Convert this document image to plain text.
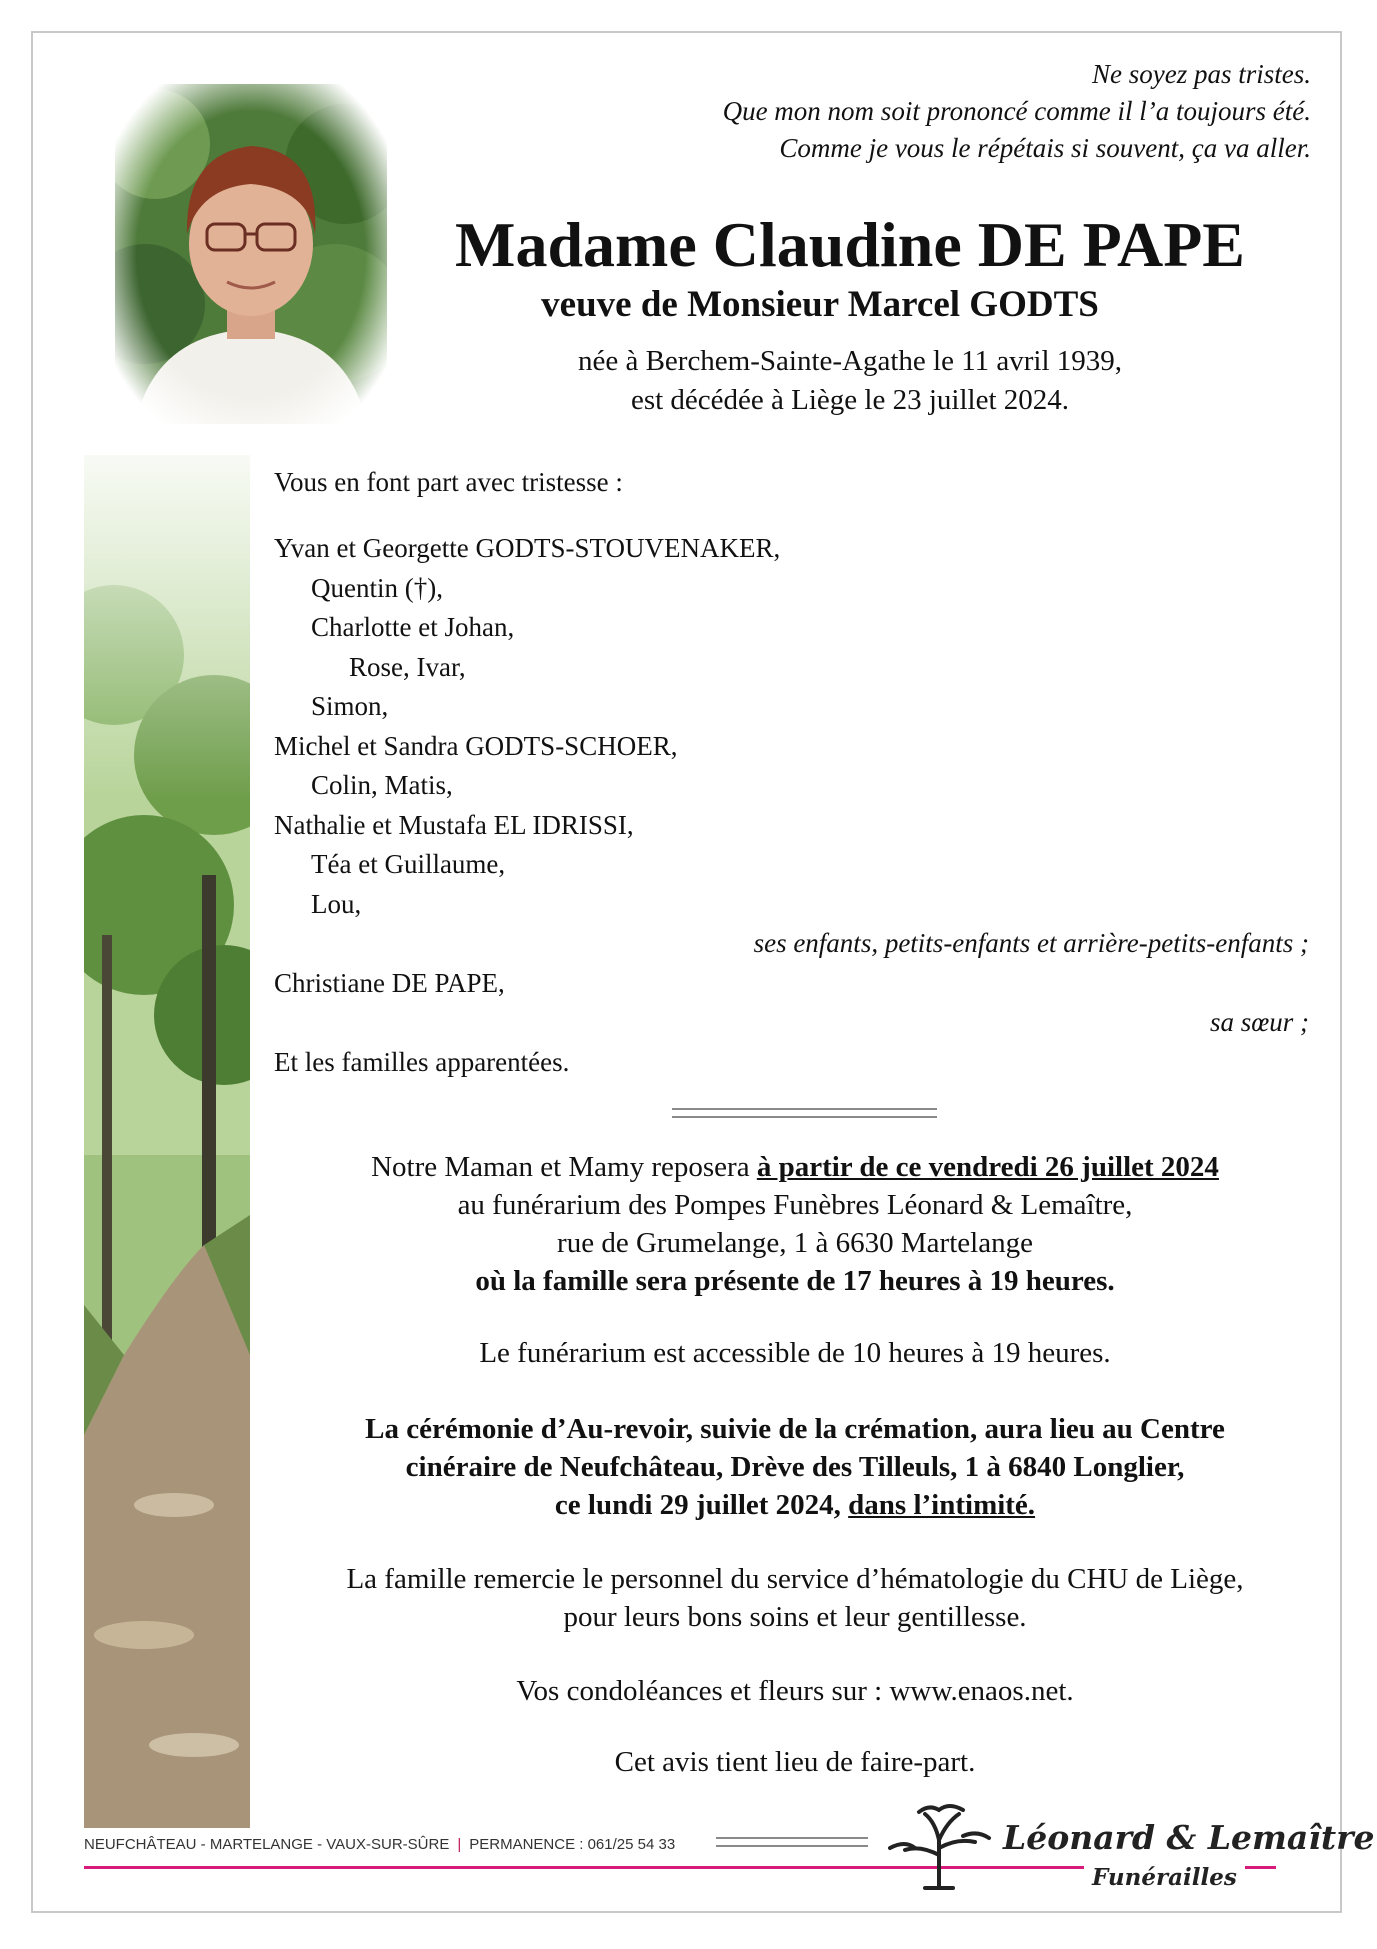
Ne soyez pas tristes.
Que mon nom soit prononcé comme il l’a toujours été.
Comme je vous le répétais si souvent, ça va aller.
Madame Claudine DE PAPE
veuve de Monsieur Marcel GODTS
née à Berchem-Sainte-Agathe le 11 avril 1939,
est décédée à Liège le 23 juillet 2024.
Vous en font part avec tristesse :
Yvan et Georgette GODTS-STOUVENAKER,
Quentin (†),
Charlotte et Johan,
Rose, Ivar,
Simon,
Michel et Sandra GODTS-SCHOER,
Colin, Matis,
Nathalie et Mustafa EL IDRISSI,
Téa et Guillaume,
Lou,
ses enfants, petits-enfants et arrière-petits-enfants ;
Christiane DE PAPE,
sa sœur ;
Et les familles apparentées.
Notre Maman et Mamy reposera à partir de ce vendredi 26 juillet 2024
au funérarium des Pompes Funèbres Léonard & Lemaître,
rue de Grumelange, 1 à 6630 Martelange
où la famille sera présente de 17 heures à 19 heures.
Le funérarium est accessible de 10 heures à 19 heures.
La cérémonie d’Au-revoir, suivie de la crémation, aura lieu au Centre
cinéraire de Neufchâteau, Drève des Tilleuls, 1 à 6840 Longlier,
ce lundi 29 juillet 2024, dans l’intimité.
La famille remercie le personnel du service d’hématologie du CHU de Liège,
pour leurs bons soins et leur gentillesse.
Vos condoléances et fleurs sur : www.enaos.net.
Cet avis tient lieu de faire-part.
NEUFCHÂTEAU - MARTELANGE - VAUX-SUR-SÛRE | PERMANENCE : 061/25 54 33	Léonard & Lemaître
Funérailles
